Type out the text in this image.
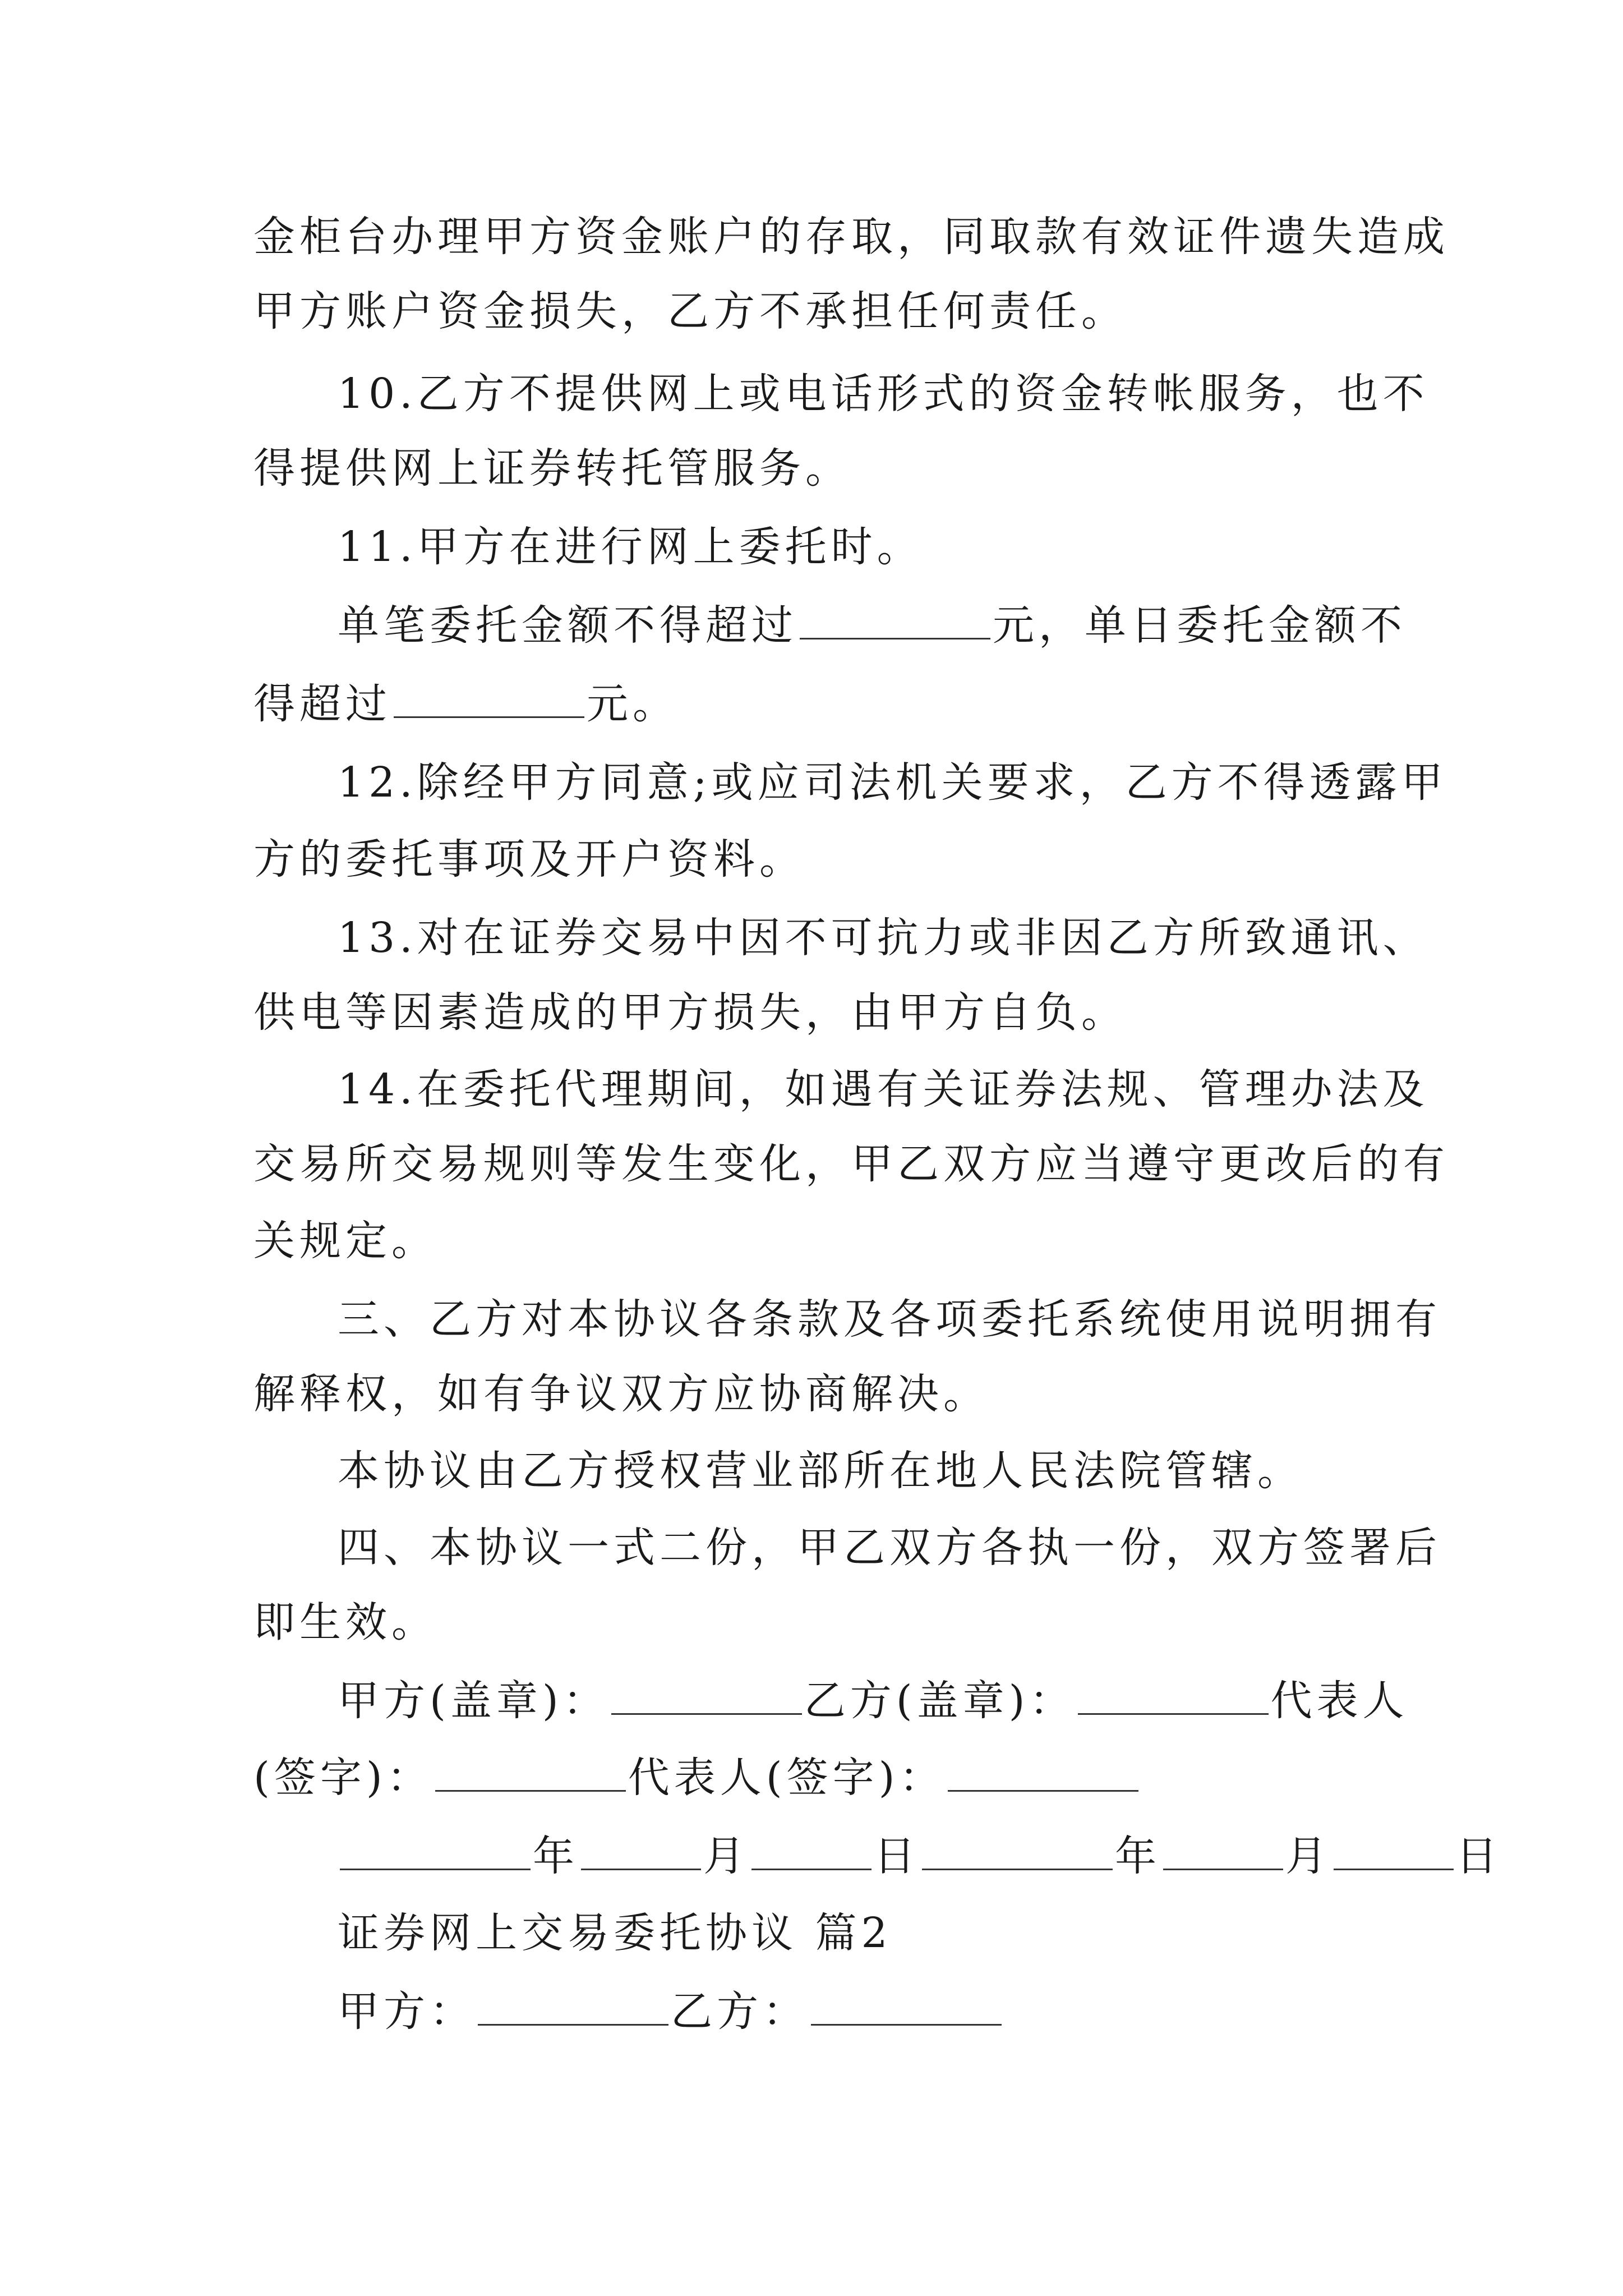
金柜台办理甲方资金账户的存取，同取款有效证件遗失造成
甲方账户资金损失，乙方不承担任何责任。
10.乙方不提供网上或电话形式的资金转帐服务，也不
得提供网上证券转托管服务。
11.甲方在进行网上委托时。
单笔委托金额不得超过	元，单日委托金额不
得超过	元。
12.除经甲方同意;或应司法机关要求，乙方不得透露甲
方的委托事项及开户资料。
13.对在证券交易中因不可抗力或非因乙方所致通讯、
供电等因素造成的甲方损失，由甲方自负。
14.在委托代理期间，如遇有关证券法规、管理办法及
交易所交易规则等发生变化，甲乙双方应当遵守更改后的有
关规定。
三、乙方对本协议各条款及各项委托系统使用说明拥有
解释权，如有争议双方应协商解决。
本协议由乙方授权营业部所在地人民法院管辖。
四、本协议一式二份，甲乙双方各执一份，双方签署后
即生效。
甲方(盖章)：	乙方(盖章)：	代表人
(签字)：	代表人(签字)：
年	月	日	年	月	日
证券网上交易委托协议 篇2
甲方：	乙方：
